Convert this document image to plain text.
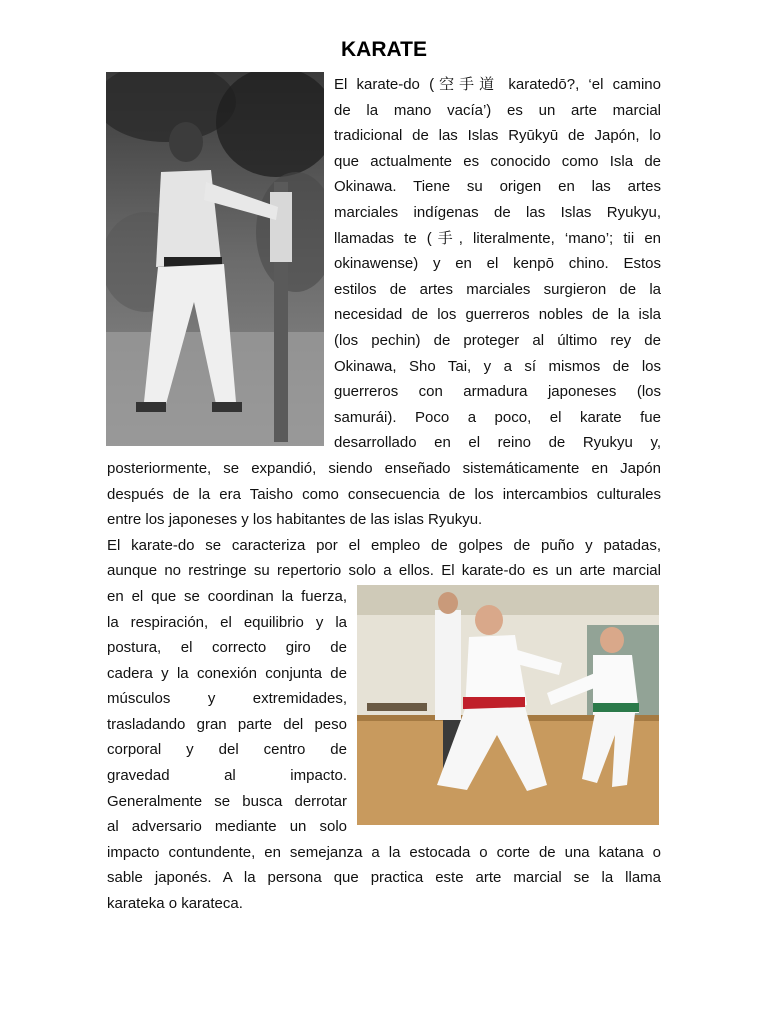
KARATE
El karate-do (空手道 karatedō?, ‘el camino
de la mano vacía’) es un arte marcial
tradicional de las Islas Ryūkyū de Japón, lo
que actualmente es conocido como Isla de
Okinawa. Tiene su origen en las artes
marciales indígenas de las Islas Ryukyu,
llamadas te (手, literalmente, ‘mano’; tii en
okinawense) y en el kenpō chino. Estos
estilos de artes marciales surgieron de la
necesidad de los guerreros nobles de la isla
(los pechin) de proteger al último rey de
Okinawa, Sho Tai, y a sí mismos de los
guerreros con armadura japoneses (los
samurái). Poco a poco, el karate fue
desarrollado en el reino de Ryukyu y,
posteriormente, se expandió, siendo enseñado sistemáticamente en Japón
después de la era Taisho como consecuencia de los intercambios culturales
entre los japoneses y los habitantes de las islas Ryukyu.
El karate-do se caracteriza por el empleo de golpes de puño y patadas,
aunque no restringe su repertorio solo a ellos. El karate-do es un arte marcial
en el que se coordinan la fuerza,
la respiración, el equilibrio y la
postura, el correcto giro de
cadera y la conexión conjunta de
músculos y extremidades,
trasladando gran parte del peso
corporal y del centro de
gravedad al impacto.
Generalmente se busca derrotar
al adversario mediante un solo
impacto contundente, en semejanza a la estocada o corte de una katana o
sable japonés. A la persona que practica este arte marcial se la llama
karateka o karateca.
